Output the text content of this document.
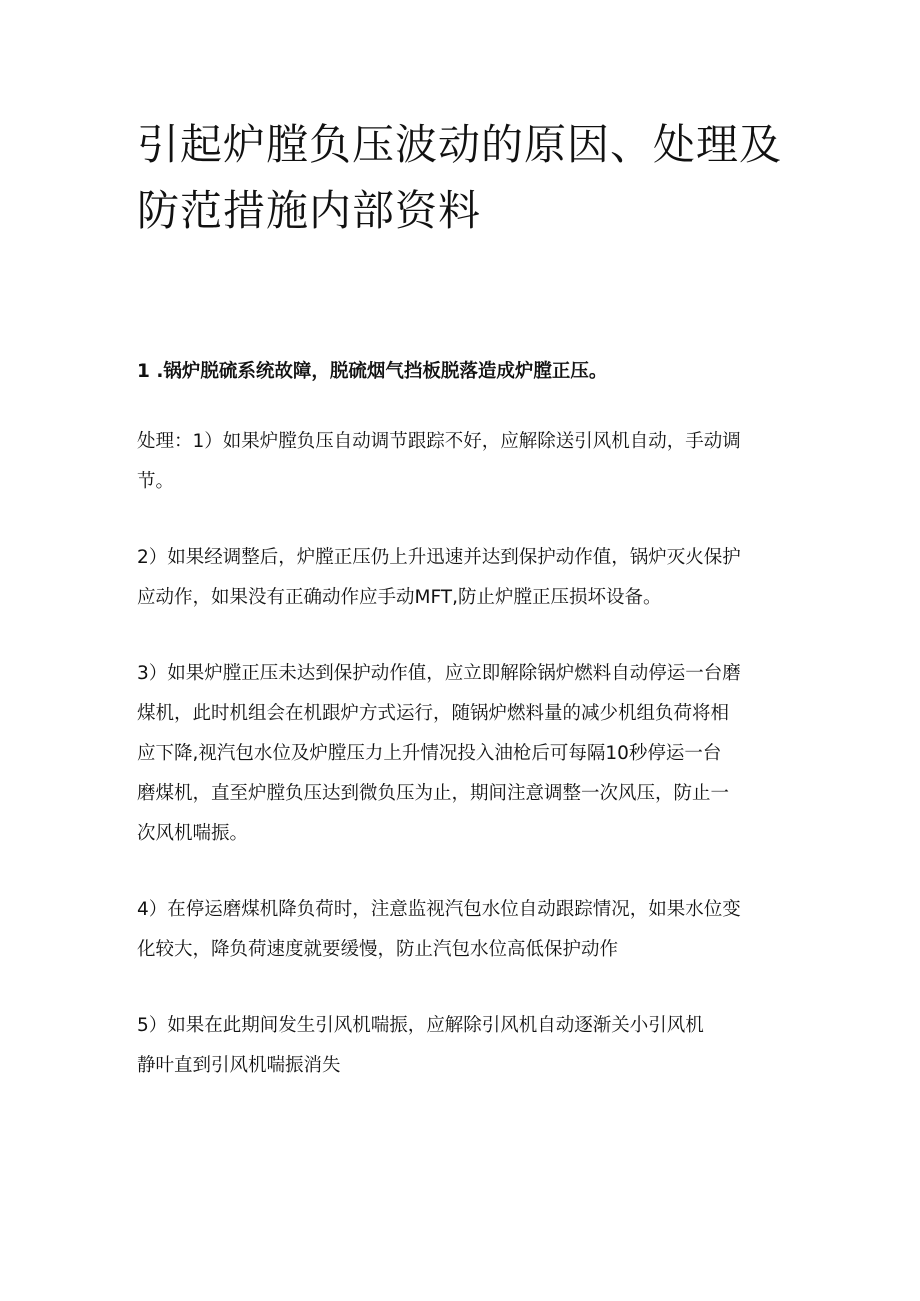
引起炉膛负压波动的原因、处理及
防范措施内部资料

1 .锅炉脱硫系统故障，脱硫烟气挡板脱落造成炉膛正压。

处理：1）如果炉膛负压自动调节跟踪不好，应解除送引风机自动，手动调
节。

2）如果经调整后，炉膛正压仍上升迅速并达到保护动作值，锅炉灭火保护
应动作，如果没有正确动作应手动MFT,防止炉膛正压损坏设备。

3）如果炉膛正压未达到保护动作值，应立即解除锅炉燃料自动停运一台磨
煤机，此时机组会在机跟炉方式运行，随锅炉燃料量的减少机组负荷将相
应下降,视汽包水位及炉膛压力上升情况投入油枪后可每隔10秒停运一台
磨煤机，直至炉膛负压达到微负压为止，期间注意调整一次风压，防止一
次风机喘振。

4）在停运磨煤机降负荷时，注意监视汽包水位自动跟踪情况，如果水位变
化较大，降负荷速度就要缓慢，防止汽包水位高低保护动作

5）如果在此期间发生引风机喘振，应解除引风机自动逐渐关小引风机
静叶直到引风机喘振消失
